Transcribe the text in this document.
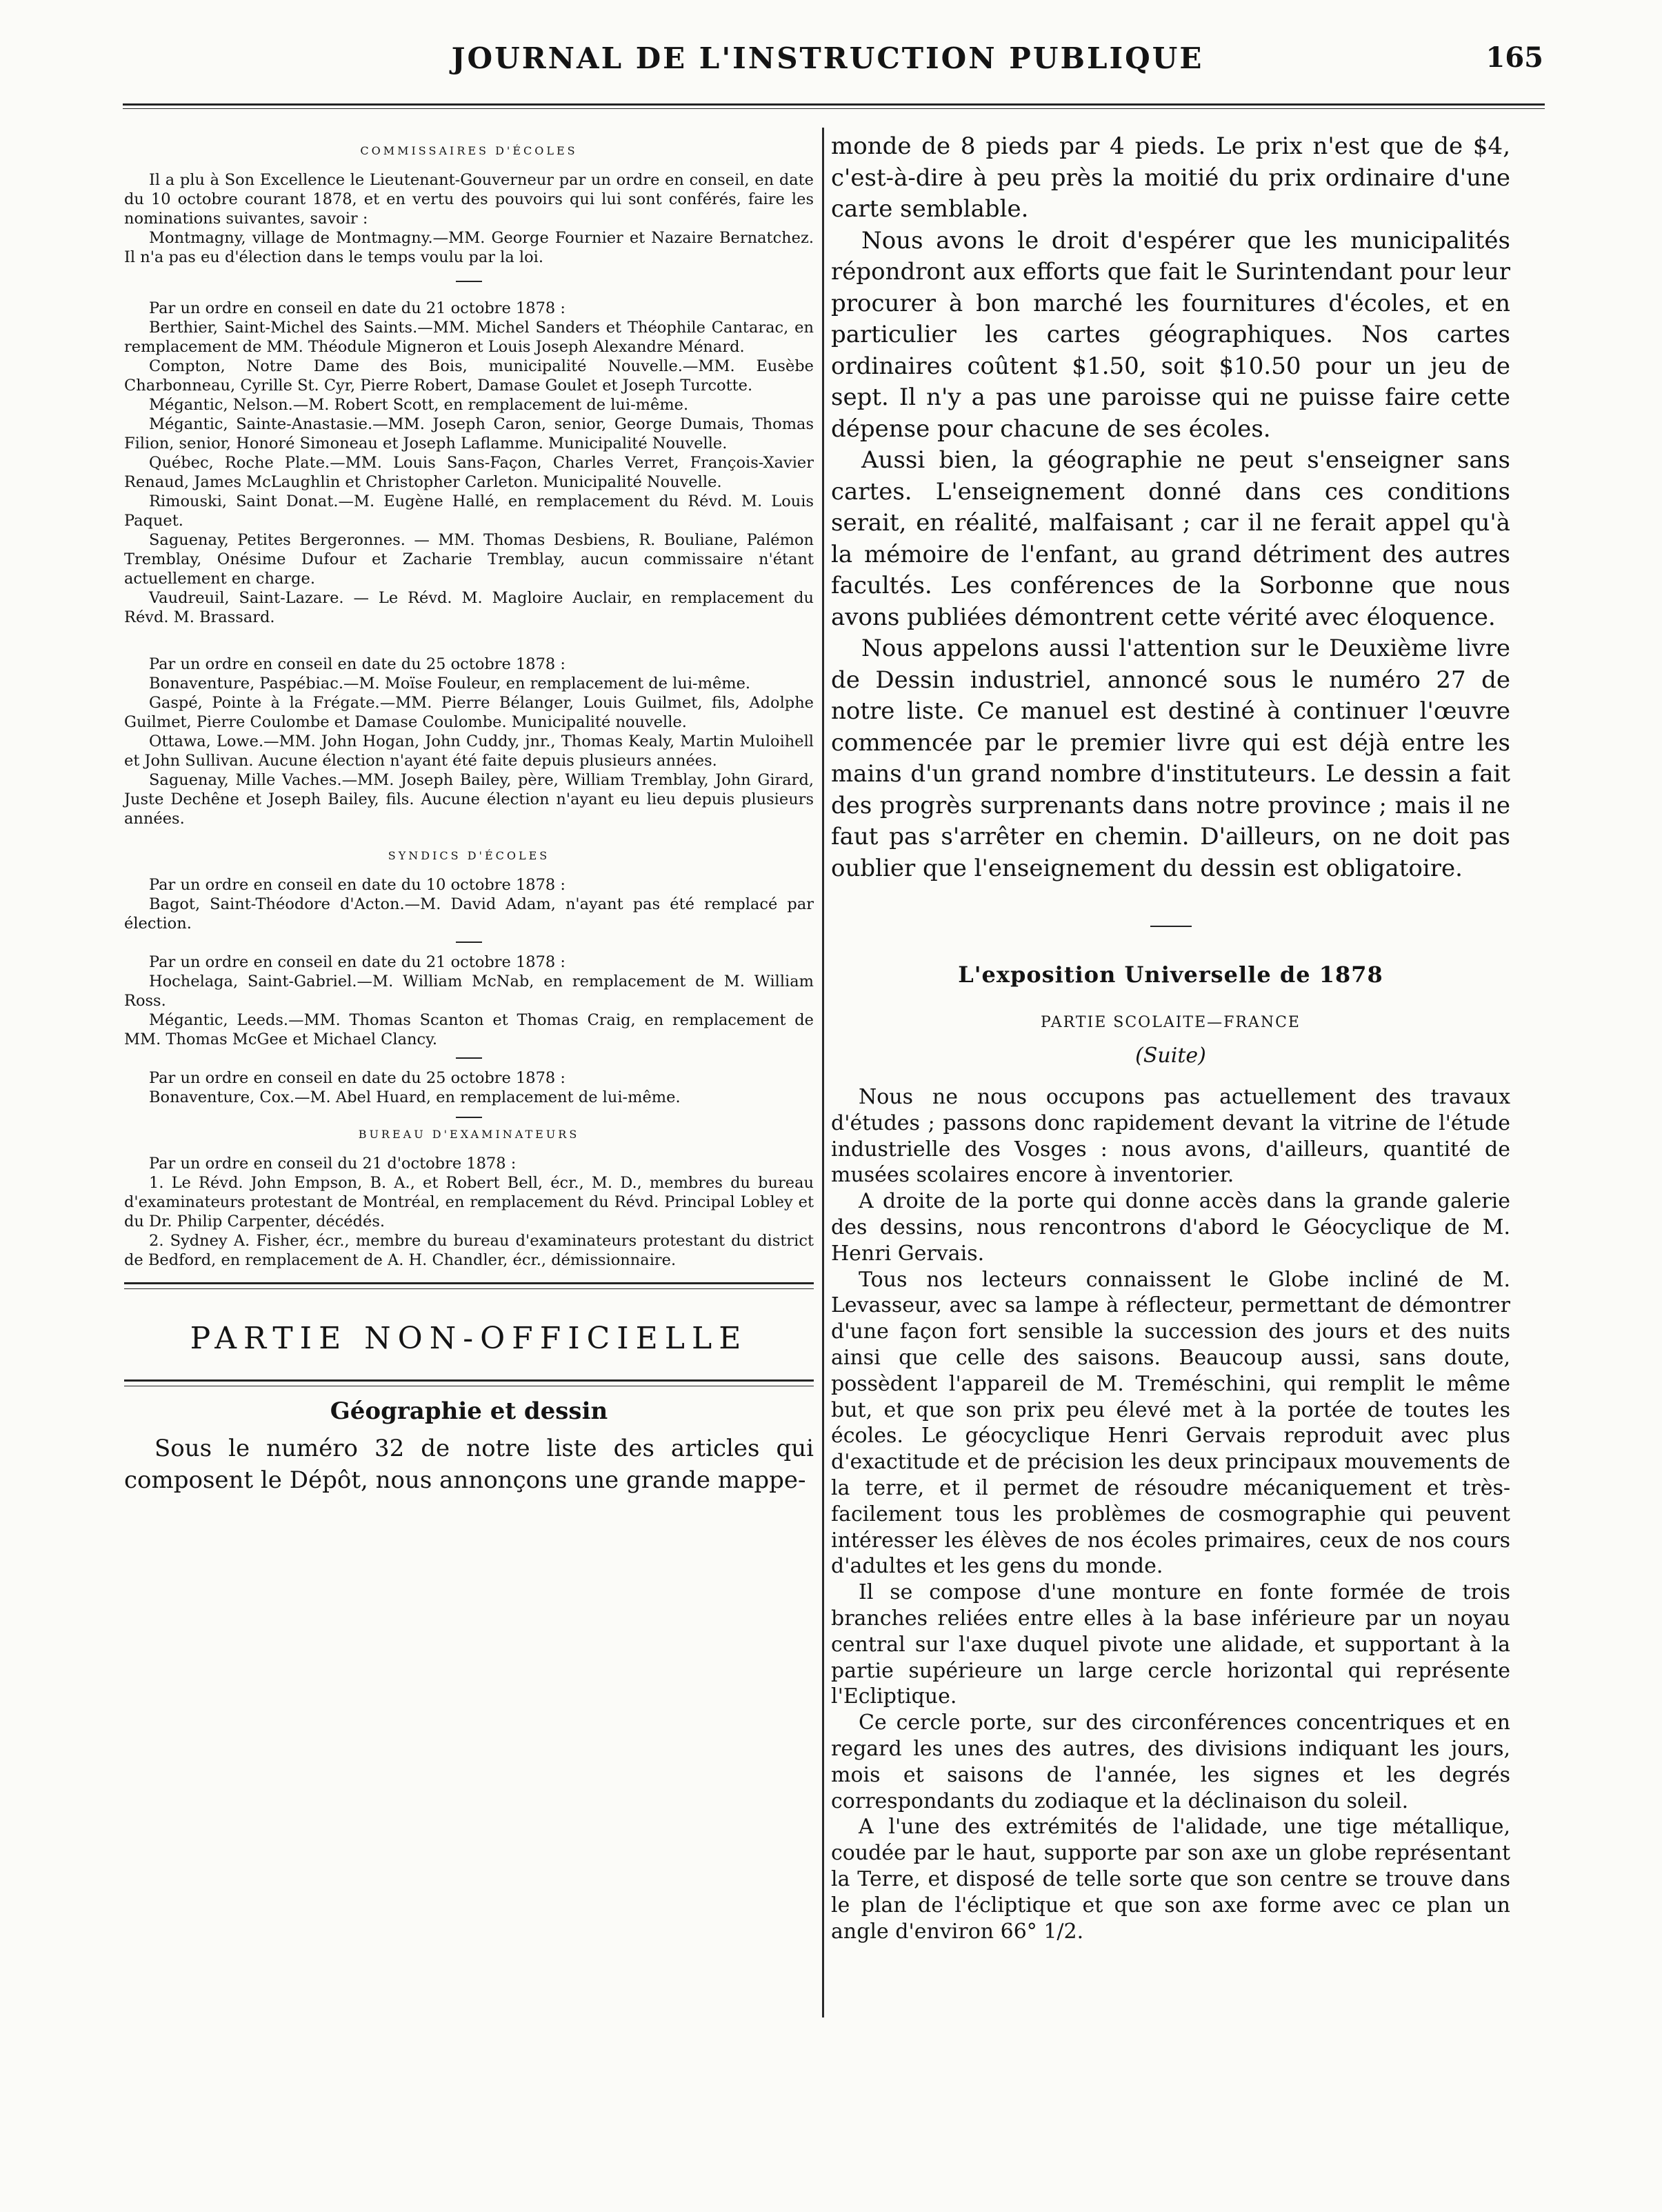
JOURNAL DE L'INSTRUCTION PUBLIQUE	165
COMMISSAIRES D'ÉCOLES

Il a plu à Son Excellence le Lieutenant-Gouverneur par un ordre en conseil, en date du 10 octobre courant 1878, et en vertu des pouvoirs qui lui sont conférés, faire les nominations suivantes, savoir :

Montmagny, village de Montmagny.—MM. George Fournier et Nazaire Bernatchez. Il n'a pas eu d'élection dans le temps voulu par la loi.

Par un ordre en conseil en date du 21 octobre 1878 :

Berthier, Saint-Michel des Saints.—MM. Michel Sanders et Théophile Cantarac, en remplacement de MM. Théodule Migneron et Louis Joseph Alexandre Ménard.

Compton, Notre Dame des Bois, municipalité Nouvelle.—MM. Eusèbe Charbonneau, Cyrille St. Cyr, Pierre Robert, Damase Goulet et Joseph Turcotte.

Mégantic, Nelson.—M. Robert Scott, en remplacement de lui-même.

Mégantic, Sainte-Anastasie.—MM. Joseph Caron, senior, George Dumais, Thomas Filion, senior, Honoré Simoneau et Joseph Laflamme. Municipalité Nouvelle.

Québec, Roche Plate.—MM. Louis Sans-Façon, Charles Verret, François-Xavier Renaud, James McLaughlin et Christopher Carleton. Municipalité Nouvelle.

Rimouski, Saint Donat.—M. Eugène Hallé, en remplacement du Révd. M. Louis Paquet.

Saguenay, Petites Bergeronnes. — MM. Thomas Desbiens, R. Bouliane, Palémon Tremblay, Onésime Dufour et Zacharie Tremblay, aucun commissaire n'étant actuellement en charge.

Vaudreuil, Saint-Lazare. — Le Révd. M. Magloire Auclair, en remplacement du Révd. M. Brassard.

Par un ordre en conseil en date du 25 octobre 1878 :

Bonaventure, Paspébiac.—M. Moïse Fouleur, en remplacement de lui-même.

Gaspé, Pointe à la Frégate.—MM. Pierre Bélanger, Louis Guilmet, fils, Adolphe Guilmet, Pierre Coulombe et Damase Coulombe. Municipalité nouvelle.

Ottawa, Lowe.—MM. John Hogan, John Cuddy, jnr., Thomas Kealy, Martin Muloihell et John Sullivan. Aucune élection n'ayant été faite depuis plusieurs années.

Saguenay, Mille Vaches.—MM. Joseph Bailey, père, William Tremblay, John Girard, Juste Dechêne et Joseph Bailey, fils. Aucune élection n'ayant eu lieu depuis plusieurs années.

SYNDICS D'ÉCOLES

Par un ordre en conseil en date du 10 octobre 1878 :

Bagot, Saint-Théodore d'Acton.—M. David Adam, n'ayant pas été remplacé par élection.

Par un ordre en conseil en date du 21 octobre 1878 :

Hochelaga, Saint-Gabriel.—M. William McNab, en remplacement de M. William Ross.

Mégantic, Leeds.—MM. Thomas Scanton et Thomas Craig, en remplacement de MM. Thomas McGee et Michael Clancy.

Par un ordre en conseil en date du 25 octobre 1878 :

Bonaventure, Cox.—M. Abel Huard, en remplacement de lui-même.

BUREAU D'EXAMINATEURS

Par un ordre en conseil du 21 d'octobre 1878 :

1. Le Révd. John Empson, B. A., et Robert Bell, écr., M. D., membres du bureau d'examinateurs protestant de Montréal, en remplacement du Révd. Principal Lobley et du Dr. Philip Carpenter, décédés.

2. Sydney A. Fisher, écr., membre du bureau d'examinateurs protestant du district de Bedford, en remplacement de A. H. Chandler, écr., démissionnaire.

PARTIE NON-OFFICIELLE
Géographie et dessin

Sous le numéro 32 de notre liste des articles qui composent le Dépôt, nous annonçons une grande mappe-

monde de 8 pieds par 4 pieds. Le prix n'est que de $4, c'est-à-dire à peu près la moitié du prix ordinaire d'une carte semblable.

Nous avons le droit d'espérer que les municipalités répondront aux efforts que fait le Surintendant pour leur procurer à bon marché les fournitures d'écoles, et en particulier les cartes géographiques. Nos cartes ordinaires coûtent $1.50, soit $10.50 pour un jeu de sept. Il n'y a pas une paroisse qui ne puisse faire cette dépense pour chacune de ses écoles.

Aussi bien, la géographie ne peut s'enseigner sans cartes. L'enseignement donné dans ces conditions serait, en réalité, malfaisant ; car il ne ferait appel qu'à la mémoire de l'enfant, au grand détriment des autres facultés. Les conférences de la Sorbonne que nous avons publiées démontrent cette vérité avec éloquence.

Nous appelons aussi l'attention sur le Deuxième livre de Dessin industriel, annoncé sous le numéro 27 de notre liste. Ce manuel est destiné à continuer l'œuvre commencée par le premier livre qui est déjà entre les mains d'un grand nombre d'instituteurs. Le dessin a fait des progrès surprenants dans notre province ; mais il ne faut pas s'arrêter en chemin. D'ailleurs, on ne doit pas oublier que l'enseignement du dessin est obligatoire.

L'exposition Universelle de 1878
PARTIE SCOLAITE—FRANCE
(Suite)

Nous ne nous occupons pas actuellement des travaux d'études ; passons donc rapidement devant la vitrine de l'étude industrielle des Vosges : nous avons, d'ailleurs, quantité de musées scolaires encore à inventorier.

A droite de la porte qui donne accès dans la grande galerie des dessins, nous rencontrons d'abord le Géocyclique de M. Henri Gervais.

Tous nos lecteurs connaissent le Globe incliné de M. Levasseur, avec sa lampe à réflecteur, permettant de démontrer d'une façon fort sensible la succession des jours et des nuits ainsi que celle des saisons. Beaucoup aussi, sans doute, possèdent l'appareil de M. Treméschini, qui remplit le même but, et que son prix peu élevé met à la portée de toutes les écoles. Le géocyclique Henri Gervais reproduit avec plus d'exactitude et de précision les deux principaux mouvements de la terre, et il permet de résoudre mécaniquement et très-facilement tous les problèmes de cosmographie qui peuvent intéresser les élèves de nos écoles primaires, ceux de nos cours d'adultes et les gens du monde.

Il se compose d'une monture en fonte formée de trois branches reliées entre elles à la base inférieure par un noyau central sur l'axe duquel pivote une alidade, et supportant à la partie supérieure un large cercle horizontal qui représente l'Ecliptique.

Ce cercle porte, sur des circonférences concentriques et en regard les unes des autres, des divisions indiquant les jours, mois et saisons de l'année, les signes et les degrés correspondants du zodiaque et la déclinaison du soleil.

A l'une des extrémités de l'alidade, une tige métallique, coudée par le haut, supporte par son axe un globe représentant la Terre, et disposé de telle sorte que son centre se trouve dans le plan de l'écliptique et que son axe forme avec ce plan un angle d'environ 66° 1/2.
